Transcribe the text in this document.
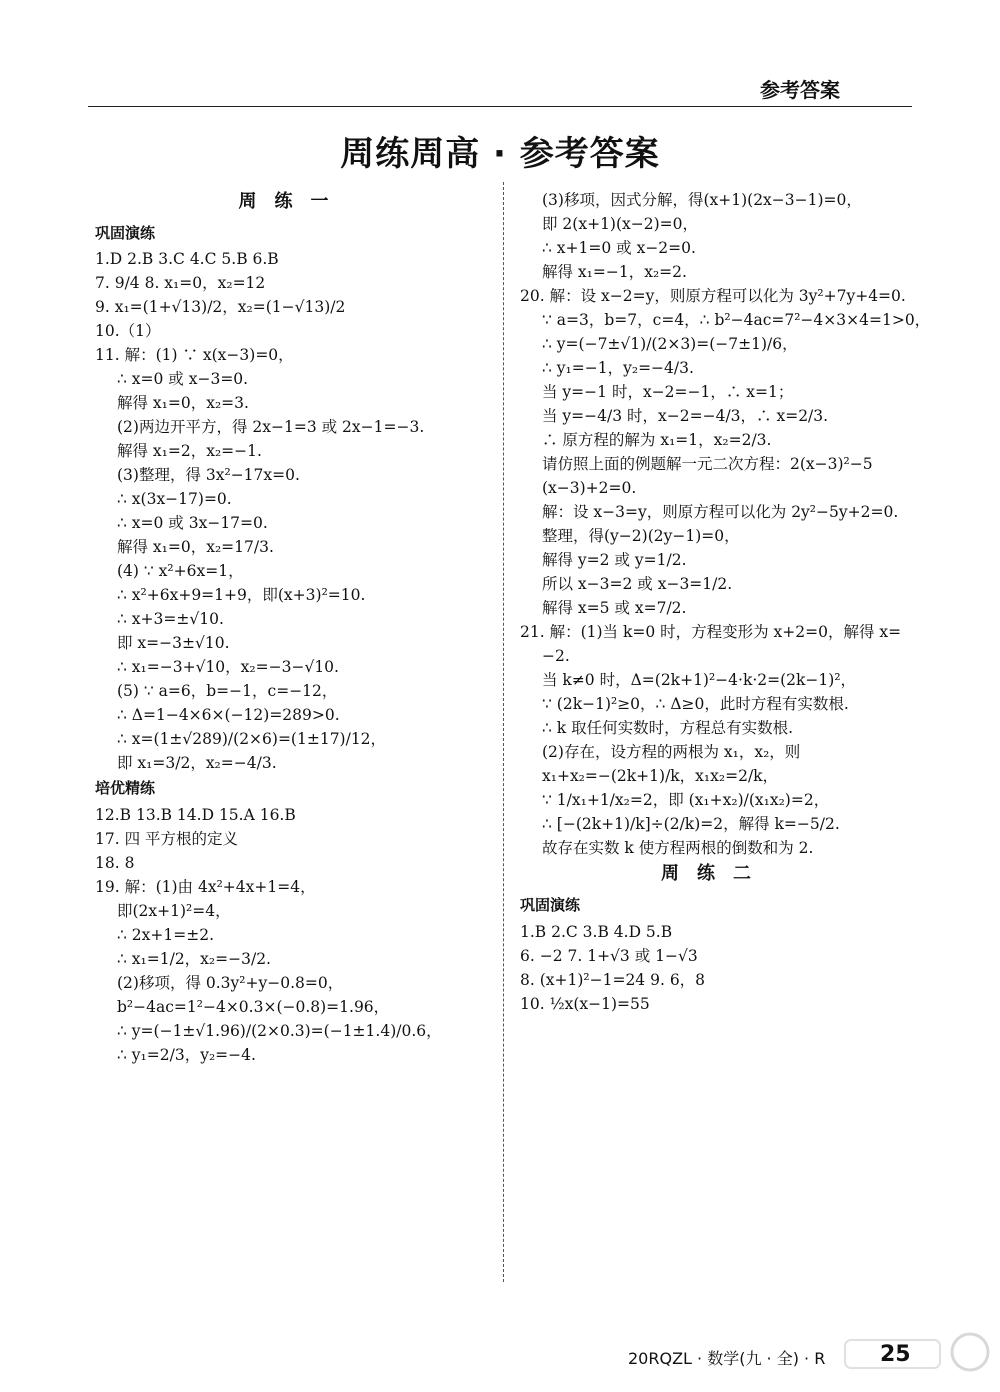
参考答案
周练周高 · 参考答案
周练一
巩固演练
1.D 2.B 3.C 4.C 5.B 6.B
7. 9/4 8. x₁=0，x₂=12
9. x₁=(1+√13)/2，x₂=(1−√13)/2
10.（1）
11. 解：(1) ∵ x(x−3)=0，
∴ x=0 或 x−3=0.
解得 x₁=0，x₂=3.
(2)两边开平方，得 2x−1=3 或 2x−1=−3.
解得 x₁=2，x₂=−1.
(3)整理，得 3x²−17x=0.
∴ x(3x−17)=0.
∴ x=0 或 3x−17=0.
解得 x₁=0，x₂=17/3.
(4) ∵ x²+6x=1，
∴ x²+6x+9=1+9，即(x+3)²=10.
∴ x+3=±√10.
即 x=−3±√10.
∴ x₁=−3+√10，x₂=−3−√10.
(5) ∵ a=6，b=−1，c=−12，
∴ Δ=1−4×6×(−12)=289>0.
∴ x=(1±√289)/(2×6)=(1±17)/12，
即 x₁=3/2，x₂=−4/3.
培优精练
12.B 13.B 14.D 15.A 16.B
17. 四 平方根的定义
18. 8
19. 解：(1)由 4x²+4x+1=4，
即(2x+1)²=4，
∴ 2x+1=±2.
∴ x₁=1/2，x₂=−3/2.
(2)移项，得 0.3y²+y−0.8=0，
b²−4ac=1²−4×0.3×(−0.8)=1.96，
∴ y=(−1±√1.96)/(2×0.3)=(−1±1.4)/0.6，
∴ y₁=2/3，y₂=−4.
(3)移项，因式分解，得(x+1)(2x−3−1)=0，
即 2(x+1)(x−2)=0，
∴ x+1=0 或 x−2=0.
解得 x₁=−1，x₂=2.
20. 解：设 x−2=y，则原方程可以化为 3y²+7y+4=0.
∵ a=3，b=7，c=4，∴ b²−4ac=7²−4×3×4=1>0，
∴ y=(−7±√1)/(2×3)=(−7±1)/6，
∴ y₁=−1，y₂=−4/3.
当 y=−1 时，x−2=−1，∴ x=1；
当 y=−4/3 时，x−2=−4/3，∴ x=2/3.
∴ 原方程的解为 x₁=1，x₂=2/3.
请仿照上面的例题解一元二次方程：2(x−3)²−5
(x−3)+2=0.
解：设 x−3=y，则原方程可以化为 2y²−5y+2=0.
整理，得(y−2)(2y−1)=0，
解得 y=2 或 y=1/2.
所以 x−3=2 或 x−3=1/2.
解得 x=5 或 x=7/2.
21. 解：(1)当 k=0 时，方程变形为 x+2=0，解得 x=
−2.
当 k≠0 时，Δ=(2k+1)²−4·k·2=(2k−1)²，
∵ (2k−1)²≥0，∴ Δ≥0，此时方程有实数根.
∴ k 取任何实数时，方程总有实数根.
(2)存在，设方程的两根为 x₁，x₂，则
x₁+x₂=−(2k+1)/k，x₁x₂=2/k，
∵ 1/x₁+1/x₂=2，即 (x₁+x₂)/(x₁x₂)=2，
∴ [−(2k+1)/k]÷(2/k)=2，解得 k=−5/2.
故存在实数 k 使方程两根的倒数和为 2.
周练二
巩固演练
1.B 2.C 3.B 4.D 5.B
6. −2 7. 1+√3 或 1−√3
8. (x+1)²−1=24 9. 6，8
10. ½x(x−1)=55
20RQZL · 数学(九 · 全) · R 25
